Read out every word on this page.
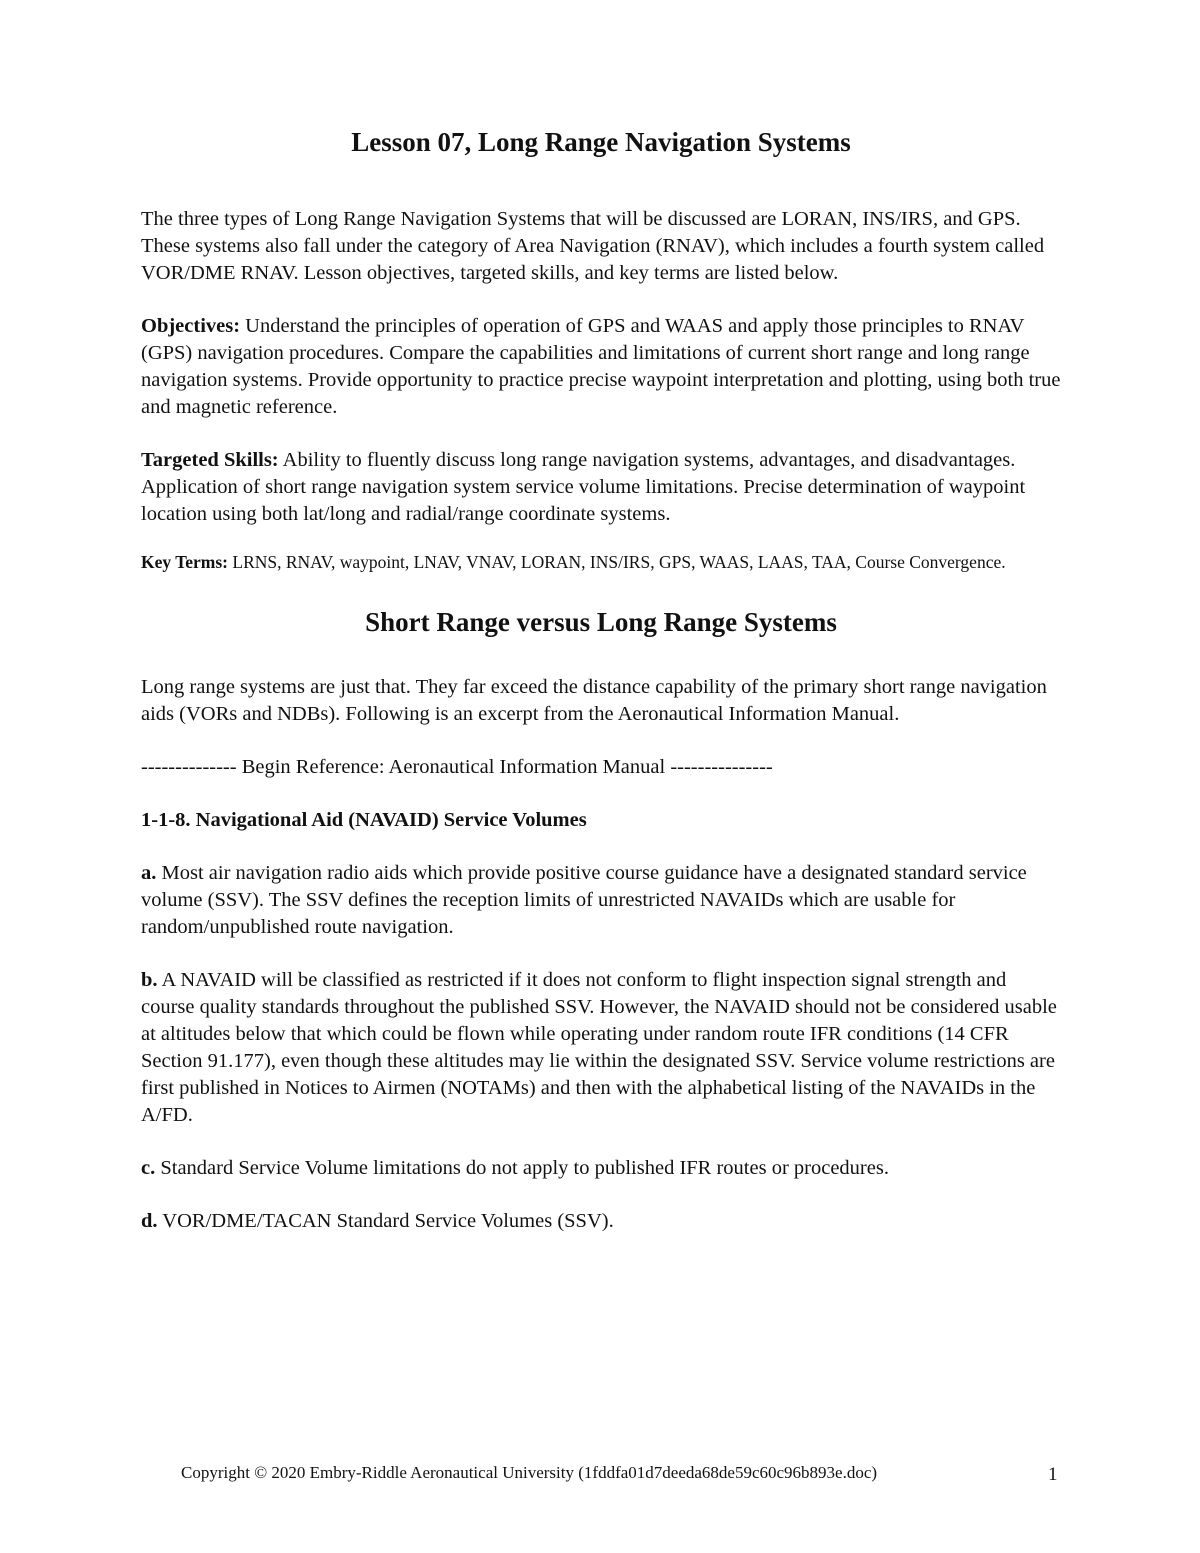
Lesson 07, Long Range Navigation Systems

The three types of Long Range Navigation Systems that will be discussed are LORAN, INS/IRS, and GPS. These systems also fall under the category of Area Navigation (RNAV), which includes a fourth system called VOR/DME RNAV. Lesson objectives, targeted skills, and key terms are listed below.

Objectives: Understand the principles of operation of GPS and WAAS and apply those principles to RNAV (GPS) navigation procedures. Compare the capabilities and limitations of current short range and long range navigation systems. Provide opportunity to practice precise waypoint interpretation and plotting, using both true and magnetic reference.

Targeted Skills: Ability to fluently discuss long range navigation systems, advantages, and disadvantages. Application of short range navigation system service volume limitations. Precise determination of waypoint location using both lat/long and radial/range coordinate systems.

Key Terms: LRNS, RNAV, waypoint, LNAV, VNAV, LORAN, INS/IRS, GPS, WAAS, LAAS, TAA, Course Convergence.

Short Range versus Long Range Systems

Long range systems are just that. They far exceed the distance capability of the primary short range navigation aids (VORs and NDBs). Following is an excerpt from the Aeronautical Information Manual.

-------------- Begin Reference: Aeronautical Information Manual ---------------

1-1-8. Navigational Aid (NAVAID) Service Volumes

a. Most air navigation radio aids which provide positive course guidance have a designated standard service volume (SSV). The SSV defines the reception limits of unrestricted NAVAIDs which are usable for random/unpublished route navigation.

b. A NAVAID will be classified as restricted if it does not conform to flight inspection signal strength and course quality standards throughout the published SSV. However, the NAVAID should not be considered usable at altitudes below that which could be flown while operating under random route IFR conditions (14 CFR Section 91.177), even though these altitudes may lie within the designated SSV. Service volume restrictions are first published in Notices to Airmen (NOTAMs) and then with the alphabetical listing of the NAVAIDs in the A/FD.

c. Standard Service Volume limitations do not apply to published IFR routes or procedures.

d. VOR/DME/TACAN Standard Service Volumes (SSV).

Copyright © 2020 Embry-Riddle Aeronautical University (1fddfa01d7deeda68de59c60c96b893e.doc)	1
